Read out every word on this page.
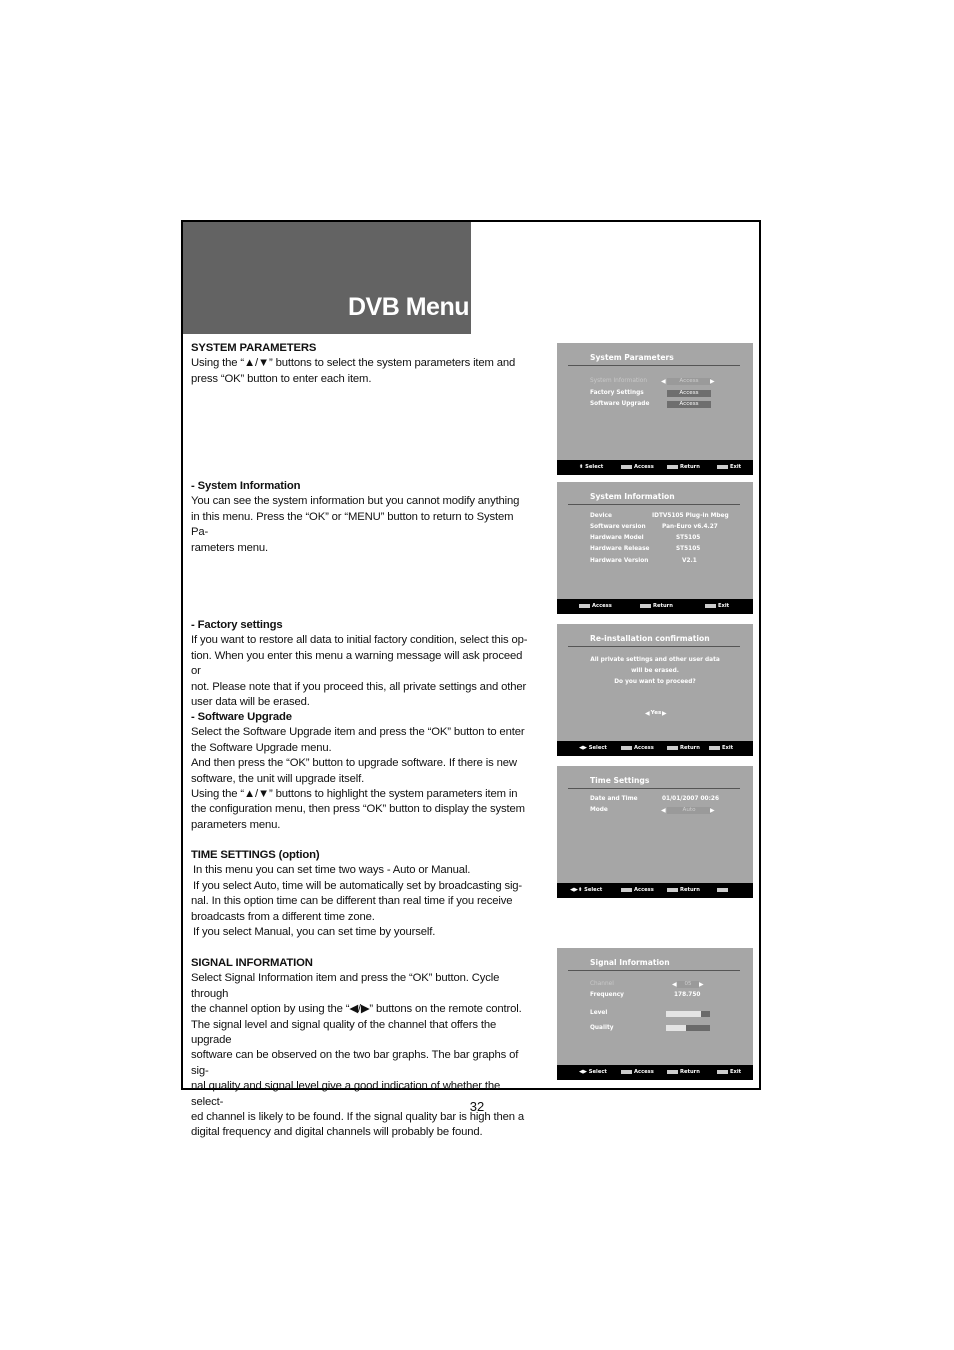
DVB Menu

SYSTEM PARAMETERS

Using the “▲/▼” buttons to select the system parameters item and

press “OK” button to enter each item.

- System Information

You can see the system information but you cannot modify anything

in this menu. Press the “OK” or “MENU” button to return to System Pa-

rameters menu.

- Factory settings

If you want to restore all data to initial factory condition, select this op-

tion. When you enter this menu a warning message will ask proceed or

not. Please note that if you proceed this, all private settings and other

user data will be erased.

- Software Upgrade

Select the Software Upgrade item and press the “OK” button to enter

the Software Upgrade menu.

And then press the “OK” button to upgrade software. If there is new

software, the unit will upgrade itself.

Using the “▲/▼” buttons to highlight the system parameters item in

the configuration menu, then press “OK” button to display the system

parameters menu.

TIME SETTINGS (option)

In this menu you can set time two ways - Auto or Manual.

If you select Auto, time will be automatically set by broadcasting sig-

nal. In this option time can be different than real time if you receive

broadcasts from a different time zone.

If you select Manual, you can set time by yourself.

SIGNAL INFORMATION

Select Signal Information item and press the “OK” button. Cycle through

the channel option by using the “◀/▶” buttons on the remote control.

The signal level and signal quality of the channel that offers the upgrade

software can be observed on the two bar graphs. The bar graphs of sig-

nal quality and signal level give a good indication of whether the select-

ed channel is likely to be found. If the signal quality bar is high then a

digital frequency and digital channels will probably be found.

System Parameters
System Information ◀	Access	▶
Factory Settings	Access
Software Upgrade	Access
⬍ Select	Access	Return	Exit
System Information
Device	IDTV5105 Plug-in Mbeg
Software version	Pan-Euro v6.4.27
Hardware Model	ST5105
Hardware Release	ST5105
Hardware Version	V2.1
Access	Return	Exit
Re-installation confirmation
All private settings and other user data
will be erased.
Do you want to proceed?
◀ Yes ▶
◀▶ Select	Access	Return	Exit
Time Settings
Date and Time	01/01/2007 00:26
Mode	◀	Auto	▶
◀▶⬍ Select	Access	Return
Signal Information
Channel	◀	05	▶
Frequency	178.750
Level
Quality
◀▶ Select	Access	Return	Exit
32
